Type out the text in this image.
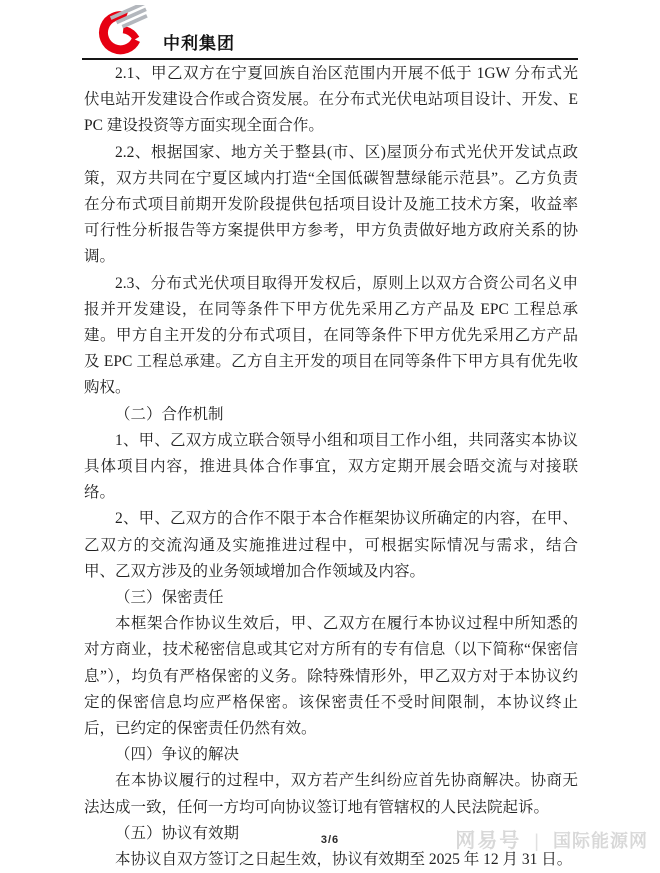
中利集团

2.1、甲乙双方在宁夏回族自治区范围内开展不低于 1GW 分布式光伏电站开发建设合作或合资发展。在分布式光伏电站项目设计、开发、EPC 建设投资等方面实现全面合作。

2.2、根据国家、地方关于整县(市、区)屋顶分布式光伏开发试点政策，双方共同在宁夏区域内打造“全国低碳智慧绿能示范县”。乙方负责在分布式项目前期开发阶段提供包括项目设计及施工技术方案，收益率可行性分析报告等方案提供甲方参考，甲方负责做好地方政府关系的协调。

2.3、分布式光伏项目取得开发权后，原则上以双方合资公司名义申报并开发建设，在同等条件下甲方优先采用乙方产品及 EPC 工程总承建。甲方自主开发的分布式项目，在同等条件下甲方优先采用乙方产品及 EPC 工程总承建。乙方自主开发的项目在同等条件下甲方具有优先收购权。

（二）合作机制

1、甲、乙双方成立联合领导小组和项目工作小组，共同落实本协议具体项目内容，推进具体合作事宜，双方定期开展会晤交流与对接联络。

2、甲、乙双方的合作不限于本合作框架协议所确定的内容，在甲、乙双方的交流沟通及实施推进过程中，可根据实际情况与需求，结合甲、乙双方涉及的业务领域增加合作领域及内容。

（三）保密责任

本框架合作协议生效后，甲、乙双方在履行本协议过程中所知悉的对方商业，技术秘密信息或其它对方所有的专有信息（以下简称“保密信息”），均负有严格保密的义务。除特殊情形外，甲乙双方对于本协议约定的保密信息均应严格保密。该保密责任不受时间限制，本协议终止后，已约定的保密责任仍然有效。

（四）争议的解决

在本协议履行的过程中，双方若产生纠纷应首先协商解决。协商无法达成一致，任何一方均可向协议签订地有管辖权的人民法院起诉。

（五）协议有效期

本协议自双方签订之日起生效，协议有效期至 2025 年 12 月 31 日。

3/6	网易号 | 国际能源网
